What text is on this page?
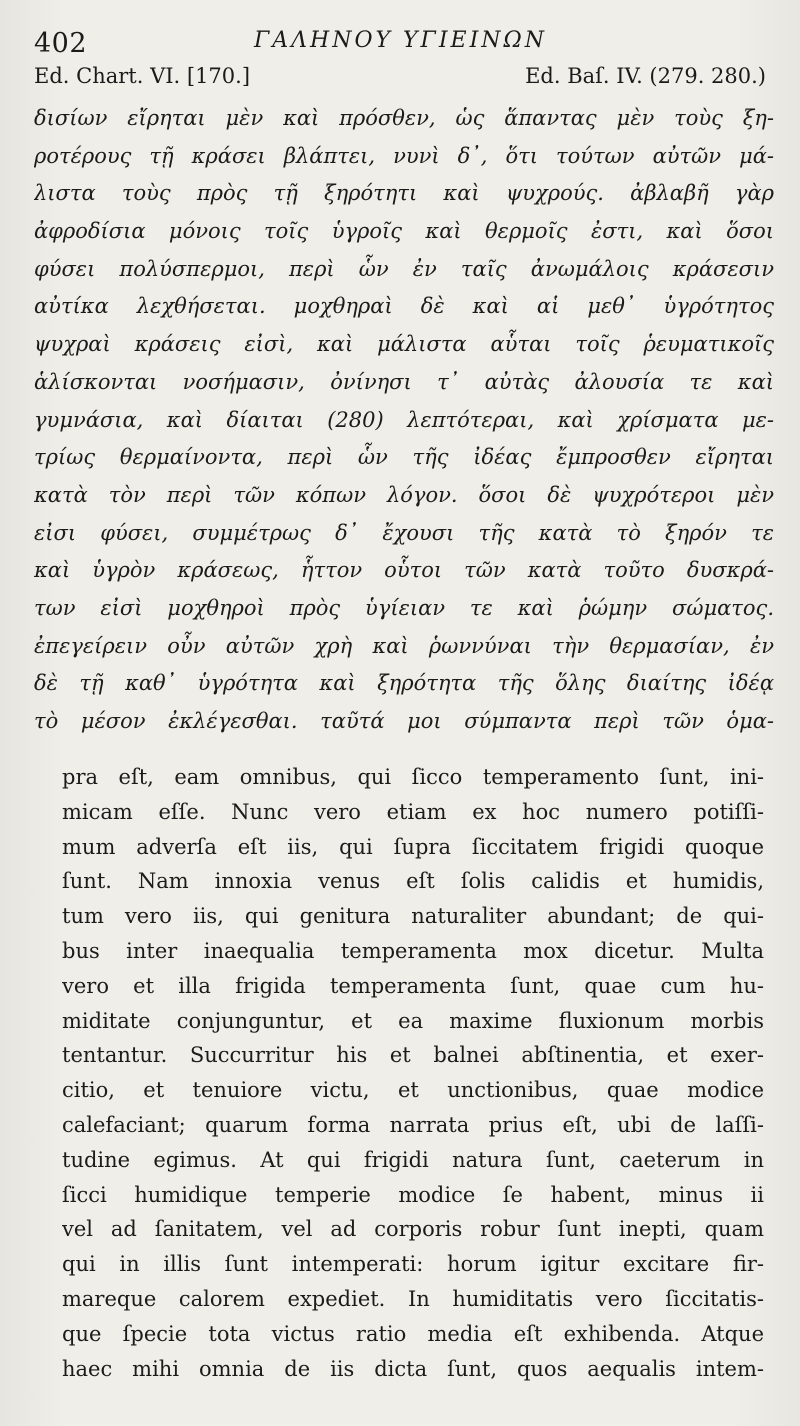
402	ΓΑΛΗΝΟΥ ΥΓΙΕΙΝΩΝ
Ed. Chart. VI. [170.]	Ed. Baſ. IV. (279. 280.)
δισίων εἴρηται μὲν καὶ πρόσθεν, ὡς ἅπαντας μὲν τοὺς ξη-
ροτέρους τῇ κράσει βλάπτει, νυνὶ δ᾽, ὅτι τούτων αὐτῶν μά-
λιστα τοὺς πρὸς τῇ ξηρότητι καὶ ψυχρούς. ἀβλαβῆ γὰρ
ἀφροδίσια μόνοις τοῖς ὑγροῖς καὶ θερμοῖς ἐστι, καὶ ὅσοι
φύσει πολύσπερμοι, περὶ ὧν ἐν ταῖς ἀνωμάλοις κράσεσιν
αὐτίκα λεχθήσεται. μοχθηραὶ δὲ καὶ αἱ μεθ᾽ ὑγρότητος
ψυχραὶ κράσεις εἰσὶ, καὶ μάλιστα αὗται τοῖς ῥευματικοῖς
ἁλίσκονται νοσήμασιν, ὀνίνησι τ᾽ αὐτὰς ἀλουσία τε καὶ
γυμνάσια, καὶ δίαιται (280) λεπτότεραι, καὶ χρίσματα με-
τρίως θερμαίνοντα, περὶ ὧν τῆς ἰδέας ἔμπροσθεν εἴρηται
κατὰ τὸν περὶ τῶν κόπων λόγον. ὅσοι δὲ ψυχρότεροι μὲν
εἰσι φύσει, συμμέτρως δ᾽ ἔχουσι τῆς κατὰ τὸ ξηρόν τε
καὶ ὑγρὸν κράσεως, ἧττον οὗτοι τῶν κατὰ τοῦτο δυσκρά-
των εἰσὶ μοχθηροὶ πρὸς ὑγίειαν τε καὶ ῥώμην σώματος.
ἐπεγείρειν οὖν αὐτῶν χρὴ καὶ ῥωννύναι τὴν θερμασίαν, ἐν
δὲ τῇ καθ᾽ ὑγρότητα καὶ ξηρότητα τῆς ὅλης διαίτης ἰδέᾳ
τὸ μέσον ἐκλέγεσθαι. ταῦτά μοι σύμπαντα περὶ τῶν ὁμα-
pra eſt, eam omnibus, qui ſicco temperamento ſunt, ini-
micam eſſe. Nunc vero etiam ex hoc numero potiſſi-
mum adverſa eſt iis, qui ſupra ſiccitatem frigidi quoque
ſunt. Nam innoxia venus eſt ſolis calidis et humidis,
tum vero iis, qui genitura naturaliter abundant; de qui-
bus inter inaequalia temperamenta mox dicetur. Multa
vero et illa frigida temperamenta ſunt, quae cum hu-
miditate conjunguntur, et ea maxime fluxionum morbis
tentantur. Succurritur his et balnei abſtinentia, et exer-
citio, et tenuiore victu, et unctionibus, quae modice
calefaciant; quarum forma narrata prius eſt, ubi de laſſi-
tudine egimus. At qui frigidi natura ſunt, caeterum in
ſicci humidique temperie modice ſe habent, minus ii
vel ad ſanitatem, vel ad corporis robur ſunt inepti, quam
qui in illis ſunt intemperati: horum igitur excitare fir-
mareque calorem expediet. In humiditatis vero ſiccitatis-
que ſpecie tota victus ratio media eſt exhibenda. Atque
haec mihi omnia de iis dicta ſunt, quos aequalis intem-
